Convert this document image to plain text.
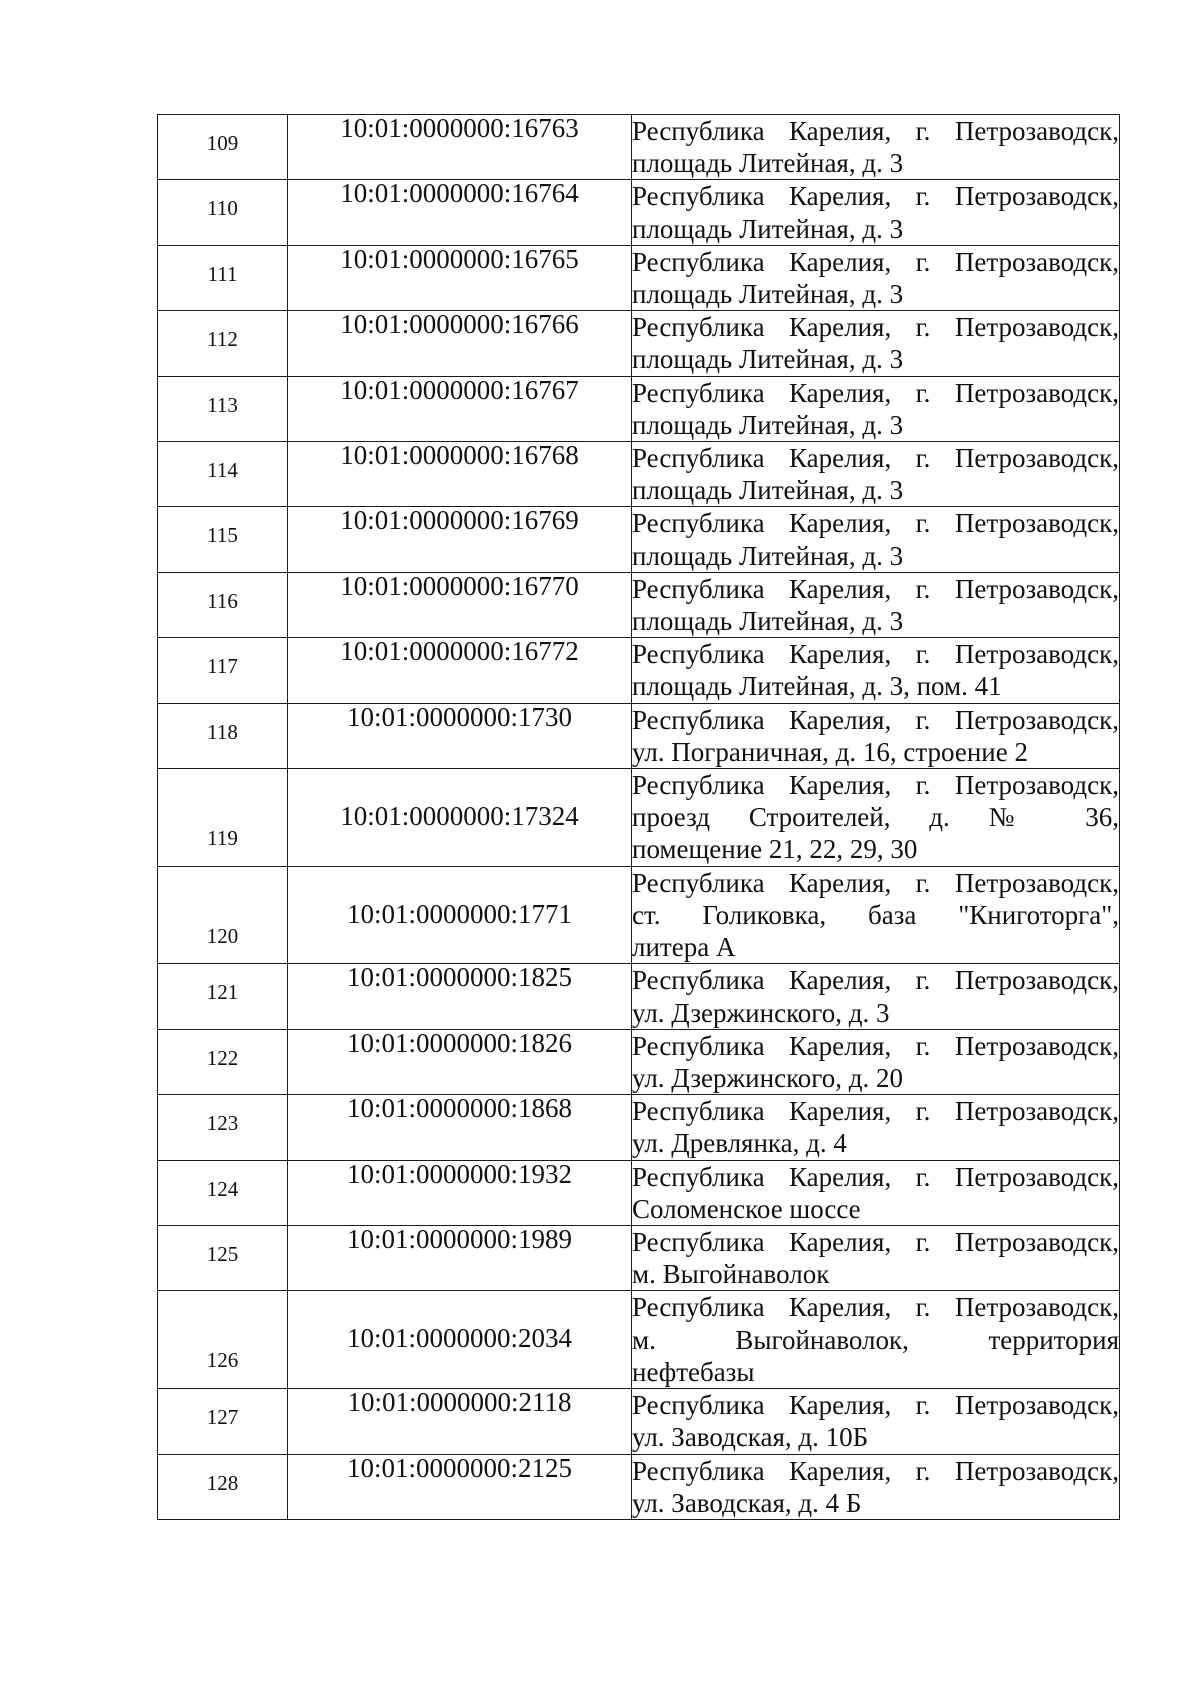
109	10:01:0000000:16763	Республика Карелия, г. Петрозаводск,
площадь Литейная, д. 3

110	10:01:0000000:16764	Республика Карелия, г. Петрозаводск,
площадь Литейная, д. 3

111	10:01:0000000:16765	Республика Карелия, г. Петрозаводск,
площадь Литейная, д. 3

112	10:01:0000000:16766	Республика Карелия, г. Петрозаводск,
площадь Литейная, д. 3

113	10:01:0000000:16767	Республика Карелия, г. Петрозаводск,
площадь Литейная, д. 3

114	10:01:0000000:16768	Республика Карелия, г. Петрозаводск,
площадь Литейная, д. 3

115	10:01:0000000:16769	Республика Карелия, г. Петрозаводск,
площадь Литейная, д. 3

116	10:01:0000000:16770	Республика Карелия, г. Петрозаводск,
площадь Литейная, д. 3

117	10:01:0000000:16772	Республика Карелия, г. Петрозаводск,
площадь Литейная, д. 3, пом. 41

118	10:01:0000000:1730	Республика Карелия, г. Петрозаводск,
ул. Пограничная, д. 16, строение 2

119	10:01:0000000:17324	Республика Карелия, г. Петрозаводск,
проезд Строителей, д. № 36,
помещение 21, 22, 29, 30

120	10:01:0000000:1771	Республика Карелия, г. Петрозаводск,
ст. Голиковка, база "Книготорга",
литера А

121	10:01:0000000:1825	Республика Карелия, г. Петрозаводск,
ул. Дзержинского, д. 3

122	10:01:0000000:1826	Республика Карелия, г. Петрозаводск,
ул. Дзержинского, д. 20

123	10:01:0000000:1868	Республика Карелия, г. Петрозаводск,
ул. Древлянка, д. 4

124	10:01:0000000:1932	Республика Карелия, г. Петрозаводск,
Соломенское шоссе

125	10:01:0000000:1989	Республика Карелия, г. Петрозаводск,
м. Выгойнаволок

126	10:01:0000000:2034	Республика Карелия, г. Петрозаводск,
м. Выгойнаволок, территория
нефтебазы

127	10:01:0000000:2118	Республика Карелия, г. Петрозаводск,
ул. Заводская, д. 10Б

128	10:01:0000000:2125	Республика Карелия, г. Петрозаводск,
ул. Заводская, д. 4 Б
